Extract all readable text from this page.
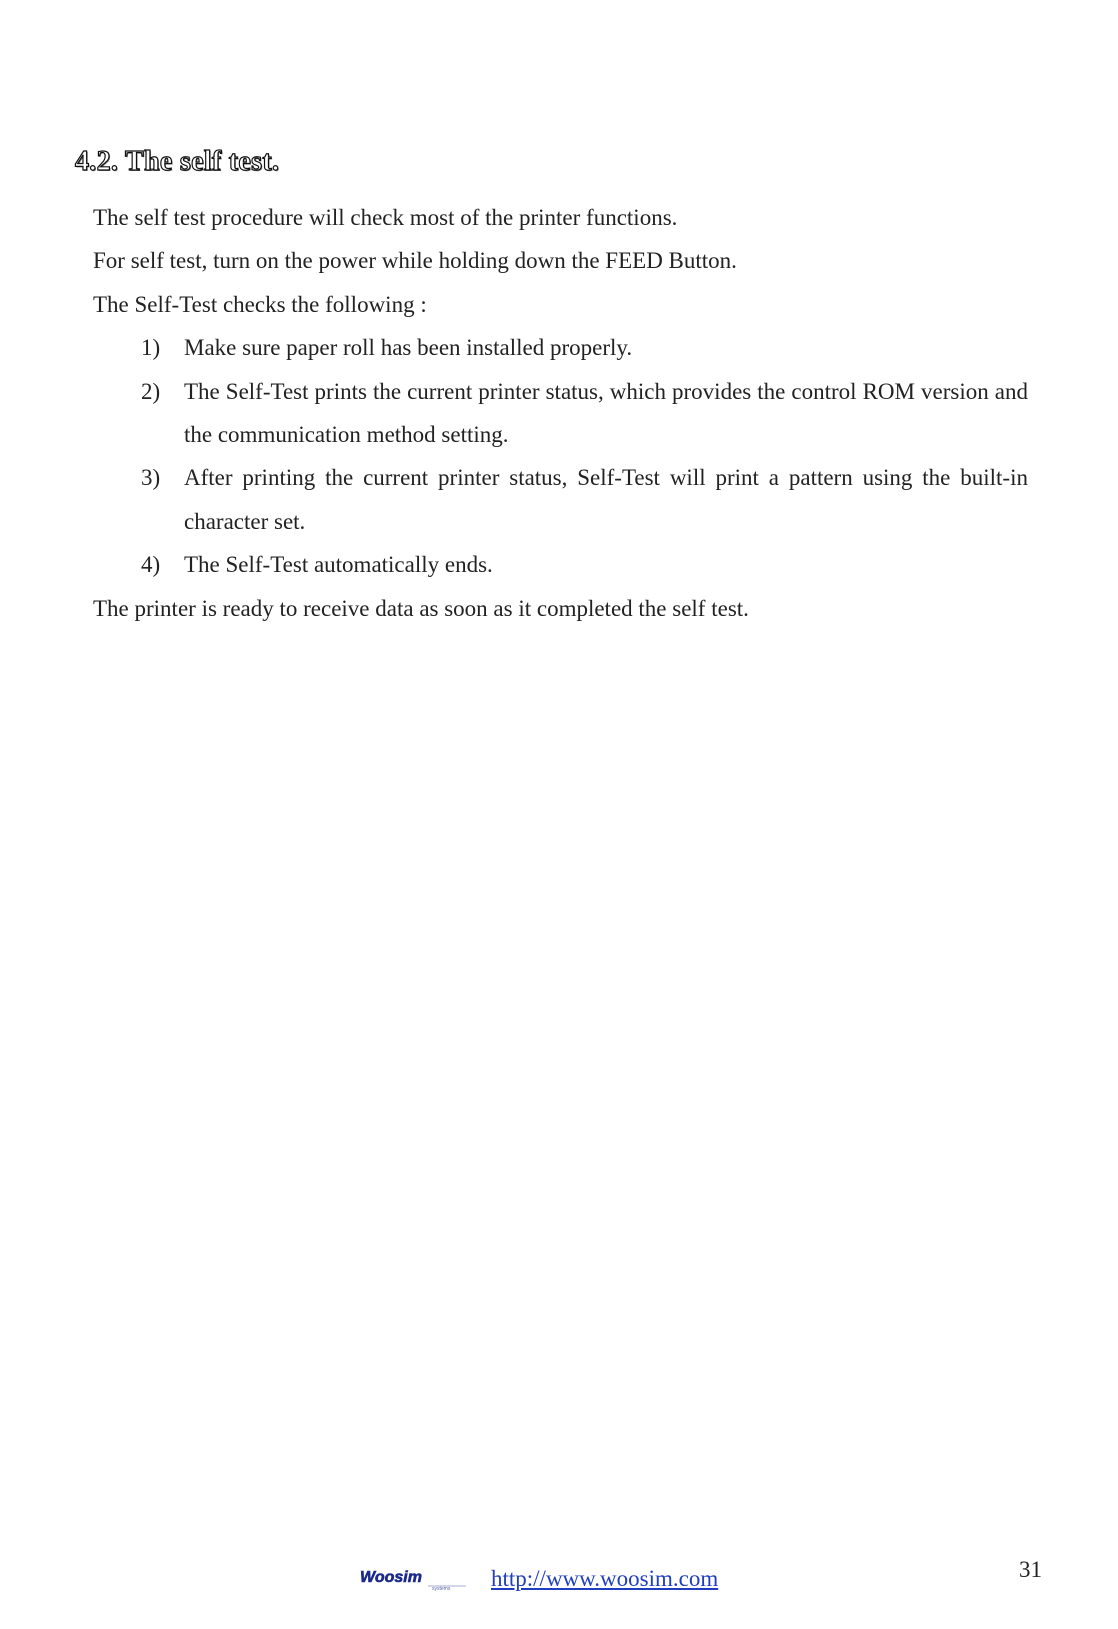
4.2. The self test.

The self test procedure will check most of the printer functions.

For self test, turn on the power while holding down the FEED Button.

The Self-Test checks the following :

1) Make sure paper roll has been installed properly.
2) The Self-Test prints the current printer status, which provides the control ROM version and the communication method setting.
3) After printing the current printer status, Self-Test will print a pattern using the built-in character set.
4) The Self-Test automatically ends.

The printer is ready to receive data as soon as it completed the self test.

Woosim
systems http://www.woosim.com	31
